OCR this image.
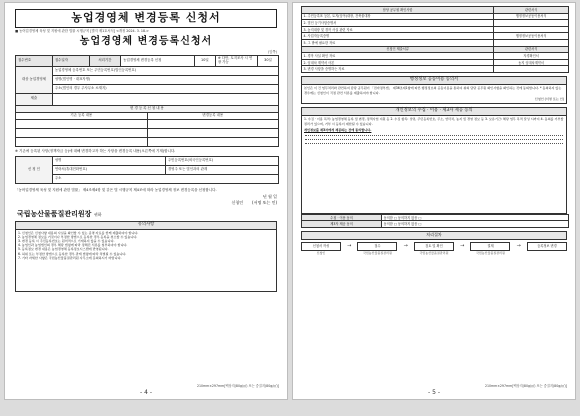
농업경영체 변경등록 신청서
■ 농어업경영체 육성 및 지원에 관한 법률 시행규칙 [별지 제1호서식] <개정 2024. 3. 18.>
농업경영체 변경등록신청서
(앞쪽)
접수번호	접수일자	처리기간	농업경영체 변경등록 신청	10일	※ 다만, 토지조사 시 연장 가능	30일
대상 농업경영체	농업경영체 등록번호 또는 주민등록번호(법인등록번호)
	성명(법인명 · 대표자명)
	주소(법인의 경우 주사무소 소재지)
제출	
변 경 등 록 신 청 내 용	
기존 등록 내용	변경등록 내용

※ 기존에 등록된 사항(정책자금 등)에 대해 변경하고자 하는 사항을 변경등록 내용(오른쪽에 기재)합니다.
신 청 인	성명	주민등록번호(외국인등록번호)
	연락처(휴대전화번호)	경영주 또는 법인과의 관계
	주소	
「농어업경영체 육성 및 지원에 관한 법률」 제4조제4항 및 같은 법 시행규칙 제4조에 따라 농업경영체 정보 변경등록을 신청합니다.
년 월 일
신청인 (서명 또는 인)
국립농산물품질관리원장 귀하
유의사항
1. 신청인은 신청사항 내용의 사실을 확인할 수 있는 증명 자료를 함께 제출하여야 합니다.
2. 농업경영체 정보를 거짓이나 부정한 방법으로 등록한 경우 등록을 취소할 수 있습니다.
3. 변경 등록 시 주민등록번호는 원칙적으로 기재하지 않을 수 있습니다.
4. 농업인과 농업법인의 경우 해당 법령에 따라 정해진 서류를 첨부하여야 합니다.
5. 등록정보 변경 내용은 농업경영체 등록정보시스템에 반영됩니다.
6. 허위 또는 부정한 방법으로 등록한 경우 관계 법령에 따라 처벌될 수 있습니다.
7. 기타 자세한 사항은 국립농산물품질관리원 사무소에 문의하시기 바랍니다.
210mm×297mm[백상지(80g/㎡) 또는 중질지(80g/㎡)]
- 4 -
담당 공무원 확인사항	관련서식
1. 주민등록표 등본, 토지(임야)대장, 건축물대장	행정정보공동이용서식
2. 법인 등기사항증명서	
3. 농지대장 및 경작 사실 관련 자료	
4. 사업자등록증명	행정정보공동이용서식
5. 그 밖에 필요한 자료	
신청인 제출서류	관련서식
1. 경작 사실 확인 자료	자경확인서
2. 임대차 계약서 사본	농지 임대차계약서
3. 변경 사항을 증명하는 자료	
행정정보 공동이용 동의서
본인은 이 건 업무처리와 관련하여 담당 공무원이 「전자정부법」 제36조제1항에 따른 행정정보의 공동이용을 통하여 위의 담당 공무원 확인사항을 확인하는 것에 동의합니다. * 동의하지 않는 경우에는 신청인이 직접 관련 서류를 제출하여야 합니다.
신청인 (서명 또는 인)
개인정보의 수집 · 이용 · 제3자 제공 동의
1. 수집 · 이용 목적: 농업경영체 등록 및 변경, 정책사업 지원 등 2. 수집 항목: 성명, 주민등록번호, 주소, 연락처, 농지 및 경영 정보 등 3. 보유기간: 해당 업무 목적 달성 시까지 4. 동의를 거부할 권리가 있으며, 거부 시 등록이 제한될 수 있습니다.
개인정보를 제3자에게 제공하는 것에 동의합니다.
수집 · 이용 동의	동의함 □ 동의하지 않음 □
제3자 제공 동의	동의함 □ 동의하지 않음 □
처리절차
신청서 작성	→	접수	→	검토 및 확인	→	결재	→	등록정보 변경
신청인	국립농산물품질관리원	국립농산물품질관리원	국립농산물품질관리원
210mm×297mm[백상지(80g/㎡) 또는 중질지(80g/㎡)]
- 5 -
